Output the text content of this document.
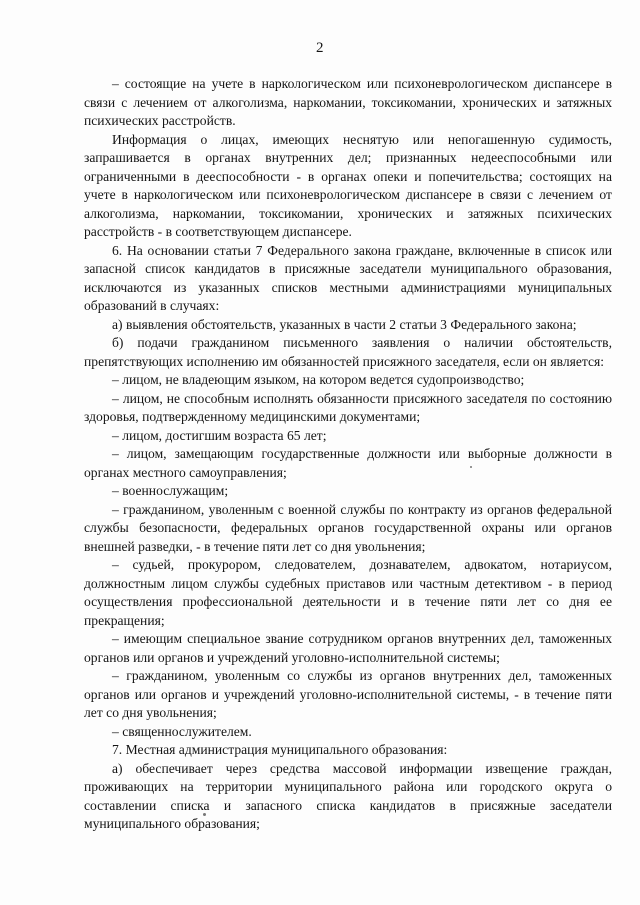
2

– состоящие на учете в наркологическом или психоневрологическом диспансере в связи с лечением от алкоголизма, наркомании, токсикомании, хронических и затяжных психических расстройств.

Информация о лицах, имеющих неснятую или непогашенную судимость, запрашивается в органах внутренних дел; признанных недееспособными или ограниченными в дееспособности - в органах опеки и попечительства; состоящих на учете в наркологическом или психоневрологическом диспансере в связи с лечением от алкоголизма, наркомании, токсикомании, хронических и затяжных психических расстройств - в соответствующем диспансере.

6. На основании статьи 7 Федерального закона граждане, включенные в список или запасной список кандидатов в присяжные заседатели муниципального образования, исключаются из указанных списков местными администрациями муниципальных образований в случаях:

а) выявления обстоятельств, указанных в части 2 статьи 3 Федерального закона;

б) подачи гражданином письменного заявления о наличии обстоятельств, препятствующих исполнению им обязанностей присяжного заседателя, если он является:

– лицом, не владеющим языком, на котором ведется судопроизводство;

– лицом, не способным исполнять обязанности присяжного заседателя по состоянию здоровья, подтвержденному медицинскими документами;

– лицом, достигшим возраста 65 лет;

– лицом, замещающим государственные должности или выборные должности в органах местного самоуправления;

– военнослужащим;

– гражданином, уволенным с военной службы по контракту из органов федеральной службы безопасности, федеральных органов государственной охраны или органов внешней разведки, - в течение пяти лет со дня увольнения;

– судьей, прокурором, следователем, дознавателем, адвокатом, нотариусом, должностным лицом службы судебных приставов или частным детективом - в период осуществления профессиональной деятельности и в течение пяти лет со дня ее прекращения;

– имеющим специальное звание сотрудником органов внутренних дел, таможенных органов или органов и учреждений уголовно-исполнительной системы;

– гражданином, уволенным со службы из органов внутренних дел, таможенных органов или органов и учреждений уголовно-исполнительной системы, - в течение пяти лет со дня увольнения;

– священнослужителем.

7. Местная администрация муниципального образования:

а) обеспечивает через средства массовой информации извещение граждан, проживающих на территории муниципального района или городского округа о составлении списка и запасного списка кандидатов в присяжные заседатели муниципального образования;
